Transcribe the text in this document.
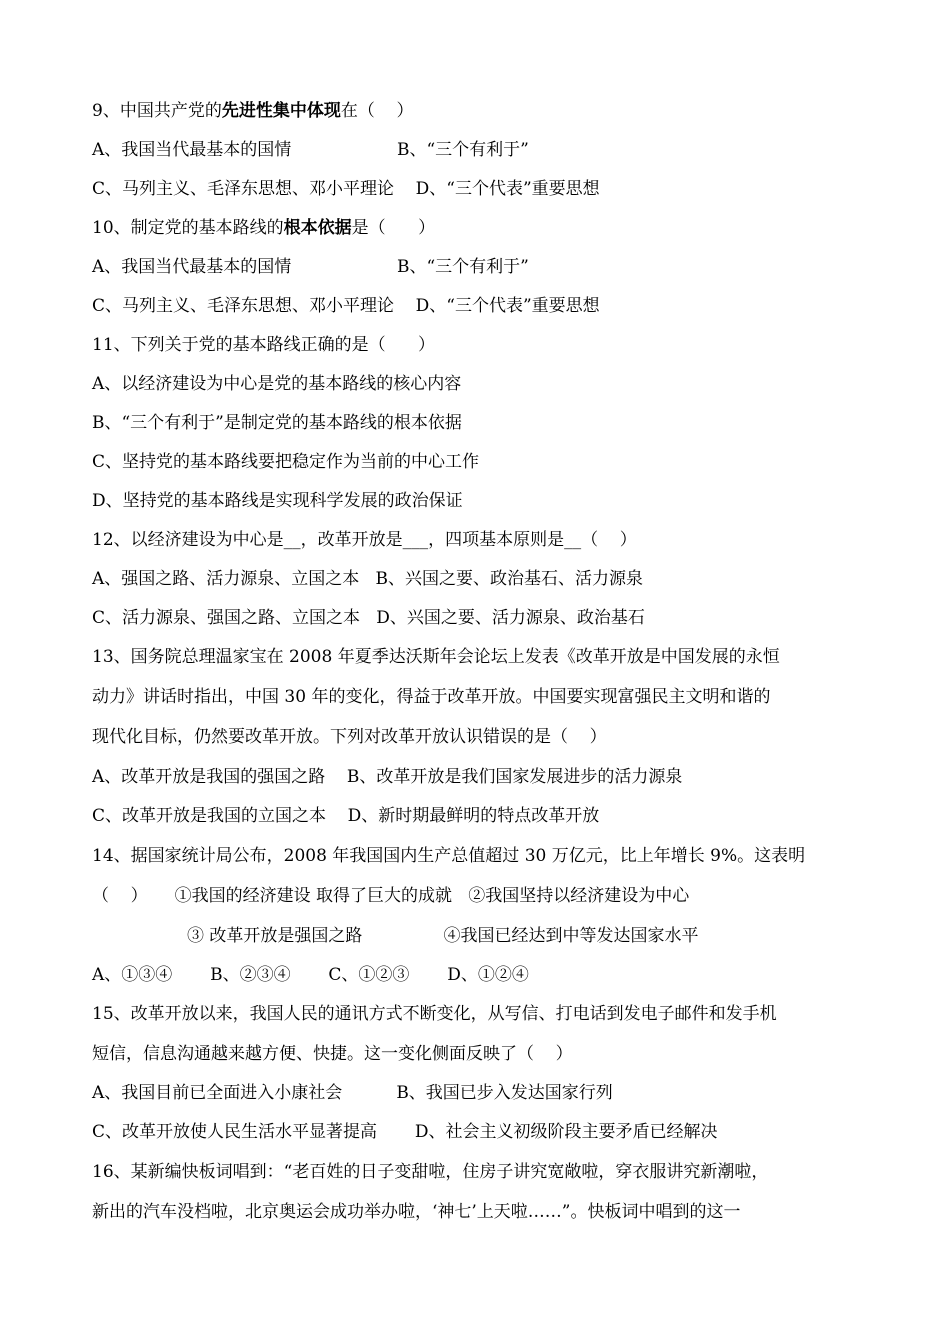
9、中国共产党的先进性集中体现在（    ）
A、我国当代最基本的国情	B、“三个有利于”
C、马列主义、毛泽东思想、邓小平理论    D、“三个代表”重要思想
10、制定党的基本路线的根本依据是（      ）
A、我国当代最基本的国情	B、“三个有利于”
C、马列主义、毛泽东思想、邓小平理论    D、“三个代表”重要思想
11、下列关于党的基本路线正确的是（      ）
A、以经济建设为中心是党的基本路线的核心内容
B、“三个有利于”是制定党的基本路线的根本依据
C、坚持党的基本路线要把稳定作为当前的中心工作
D、坚持党的基本路线是实现科学发展的政治保证
12、以经济建设为中心是__，改革开放是___，四项基本原则是__（    ）
A、强国之路、活力源泉、立国之本   B、兴国之要、政治基石、活力源泉
C、活力源泉、强国之路、立国之本   D、兴国之要、活力源泉、政治基石
13、国务院总理温家宝在 2008 年夏季达沃斯年会论坛上发表《改革开放是中国发展的永恒
动力》讲话时指出，中国 30 年的变化，得益于改革开放。中国要实现富强民主文明和谐的
现代化目标，仍然要改革开放。下列对改革开放认识错误的是（    ）
A、改革开放是我国的强国之路    B、改革开放是我们国家发展进步的活力源泉
C、改革开放是我国的立国之本    D、新时期最鲜明的特点改革开放
14、据国家统计局公布，2008 年我国国内生产总值超过 30 万亿元，比上年增长 9%。这表明
（    ）     ①我国的经济建设 取得了巨大的成就   ②我国坚持以经济建设为中心
③ 改革开放是强国之路               ④我国已经达到中等发达国家水平
A、①③④       B、②③④       C、①②③       D、①②④
15、改革开放以来，我国人民的通讯方式不断变化，从写信、打电话到发电子邮件和发手机
短信，信息沟通越来越方便、快捷。这一变化侧面反映了（    ）
A、我国目前已全面进入小康社会          B、我国已步入发达国家行列
C、改革开放使人民生活水平显著提高       D、社会主义初级阶段主要矛盾已经解决
16、某新编快板词唱到：“老百姓的日子变甜啦，住房子讲究宽敞啦，穿衣服讲究新潮啦，
新出的汽车没档啦，北京奥运会成功举办啦，‘神七’上天啦……”。快板词中唱到的这一
